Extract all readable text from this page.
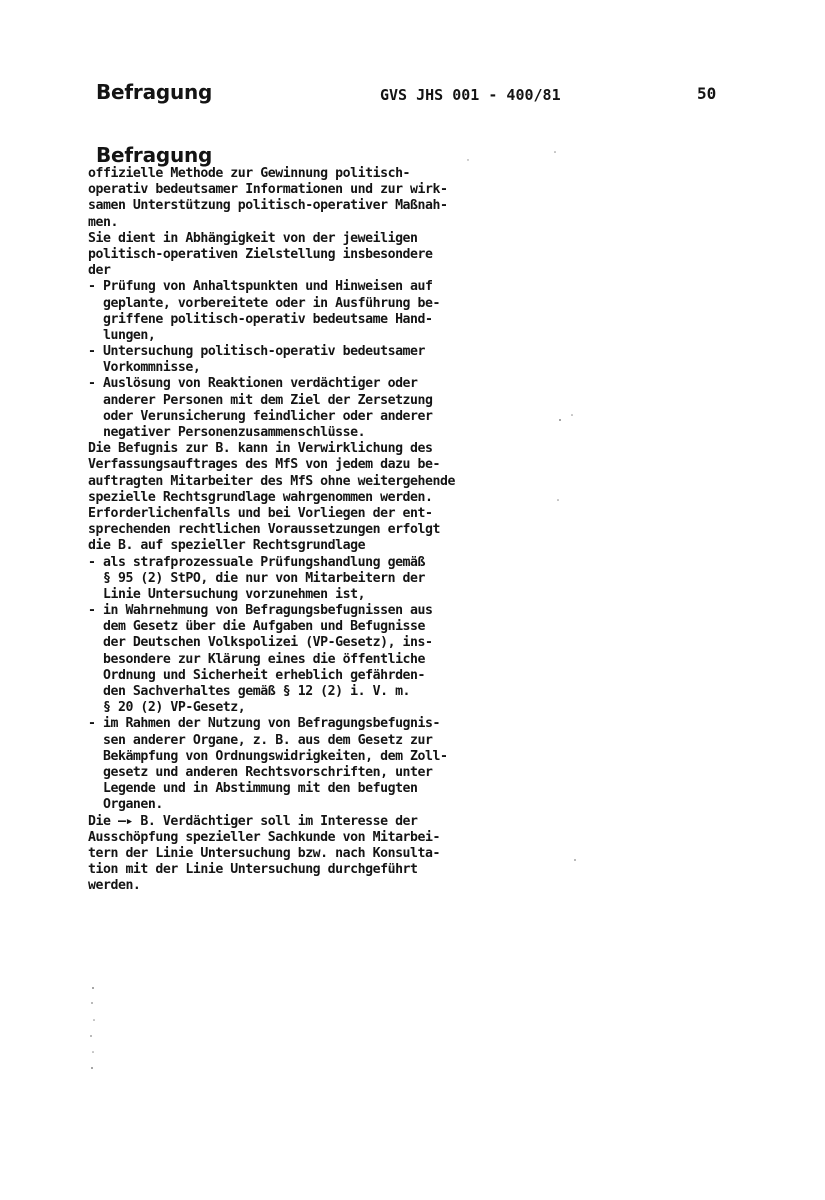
Befragung	GVS JHS 001 - 400/81	50
Befragung
offizielle Methode zur Gewinnung politisch-
operativ bedeutsamer Informationen und zur wirk-
samen Unterstützung politisch-operativer Maßnah-
men.
Sie dient in Abhängigkeit von der jeweiligen
politisch-operativen Zielstellung insbesondere
der
- Prüfung von Anhaltspunkten und Hinweisen auf
geplante, vorbereitete oder in Ausführung be-
griffene politisch-operativ bedeutsame Hand-
lungen,
- Untersuchung politisch-operativ bedeutsamer
Vorkommnisse,
- Auslösung von Reaktionen verdächtiger oder
anderer Personen mit dem Ziel der Zersetzung
oder Verunsicherung feindlicher oder anderer
negativer Personenzusammenschlüsse.
Die Befugnis zur B. kann in Verwirklichung des
Verfassungsauftrages des MfS von jedem dazu be-
auftragten Mitarbeiter des MfS ohne weitergehende
spezielle Rechtsgrundlage wahrgenommen werden.
Erforderlichenfalls und bei Vorliegen der ent-
sprechenden rechtlichen Voraussetzungen erfolgt
die B. auf spezieller Rechtsgrundlage
- als strafprozessuale Prüfungshandlung gemäß
§ 95 (2) StPO, die nur von Mitarbeitern der
Linie Untersuchung vorzunehmen ist,
- in Wahrnehmung von Befragungsbefugnissen aus
dem Gesetz über die Aufgaben und Befugnisse
der Deutschen Volkspolizei (VP-Gesetz), ins-
besondere zur Klärung eines die öffentliche
Ordnung und Sicherheit erheblich gefährden-
den Sachverhaltes gemäß § 12 (2) i. V. m.
§ 20 (2) VP-Gesetz,
- im Rahmen der Nutzung von Befragungsbefugnis-
sen anderer Organe, z. B. aus dem Gesetz zur
Bekämpfung von Ordnungswidrigkeiten, dem Zoll-
gesetz und anderen Rechtsvorschriften, unter
Legende und in Abstimmung mit den befugten
Organen.
Die —▸ B. Verdächtiger soll im Interesse der
Ausschöpfung spezieller Sachkunde von Mitarbei-
tern der Linie Untersuchung bzw. nach Konsulta-
tion mit der Linie Untersuchung durchgeführt
werden.
